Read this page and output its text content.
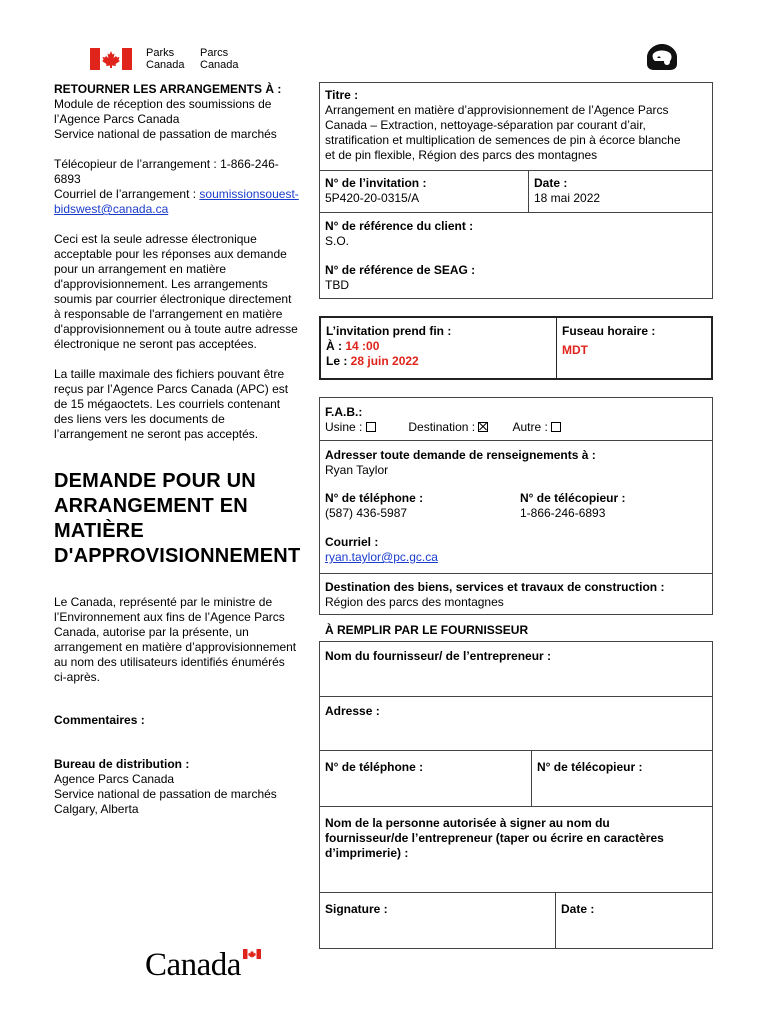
Parks
Canada
Parcs
Canada

RETOURNER LES ARRANGEMENTS À :

Module de réception des soumissions de

l’Agence Parcs Canada

Service national de passation de marchés

Télécopieur de l’arrangement : 1-866-246-

6893

Courriel de l’arrangement : soumissionsouest-

bidswest@canada.ca

Ceci est la seule adresse électronique

acceptable pour les réponses aux demande

pour un arrangement en matière

d'approvisionnement. Les arrangements

soumis par courrier électronique directement

à responsable de l'arrangement en matière

d'approvisionnement ou à toute autre adresse

électronique ne seront pas acceptées.

La taille maximale des fichiers pouvant être

reçus par l’Agence Parcs Canada (APC) est

de 15 mégaoctets. Les courriels contenant

des liens vers les documents de

l’arrangement ne seront pas acceptés.

DEMANDE POUR UN
ARRANGEMENT EN
MATIÈRE
D'APPROVISIONNEMENT

Le Canada, représenté par le ministre de

l’Environnement aux fins de l’Agence Parcs

Canada, autorise par la présente, un

arrangement en matière d’approvisionnement

au nom des utilisateurs identifiés énumérés

ci-après.

Commentaires :

Bureau de distribution :

Agence Parcs Canada

Service national de passation de marchés

Calgary, Alberta

Titre :
Arrangement en matière d’approvisionnement de l’Agence Parcs
Canada – Extraction, nettoyage-séparation par courant d’air,
stratification et multiplication de semences de pin à écorce blanche
et de pin flexible, Région des parcs des montagnes
N° de l’invitation :
5P420-20-0315/A
Date :
18 mai 2022
N° de référence du client :
S.O.
N° de référence de SEAG :
TBD
L’invitation prend fin :
À : 14 :00
Le : 28 juin 2022
Fuseau horaire :
MDT
F.A.B.:
Usine :	Destination :	Autre :
Adresser toute demande de renseignements à :
Ryan Taylor
N° de téléphone :
(587) 436-5987
N° de télécopieur :
1-866-246-6893
Courriel :
ryan.taylor@pc.gc.ca
Destination des biens, services et travaux de construction :
Région des parcs des montagnes
À REMPLIR PAR LE FOURNISSEUR
Nom du fournisseur/ de l’entrepreneur :
Adresse :
N° de téléphone :	N° de télécopieur :
Nom de la personne autorisée à signer au nom du
fournisseur/de l’entrepreneur (taper ou écrire en caractères
d’imprimerie) :
Signature :	Date :
Canada
